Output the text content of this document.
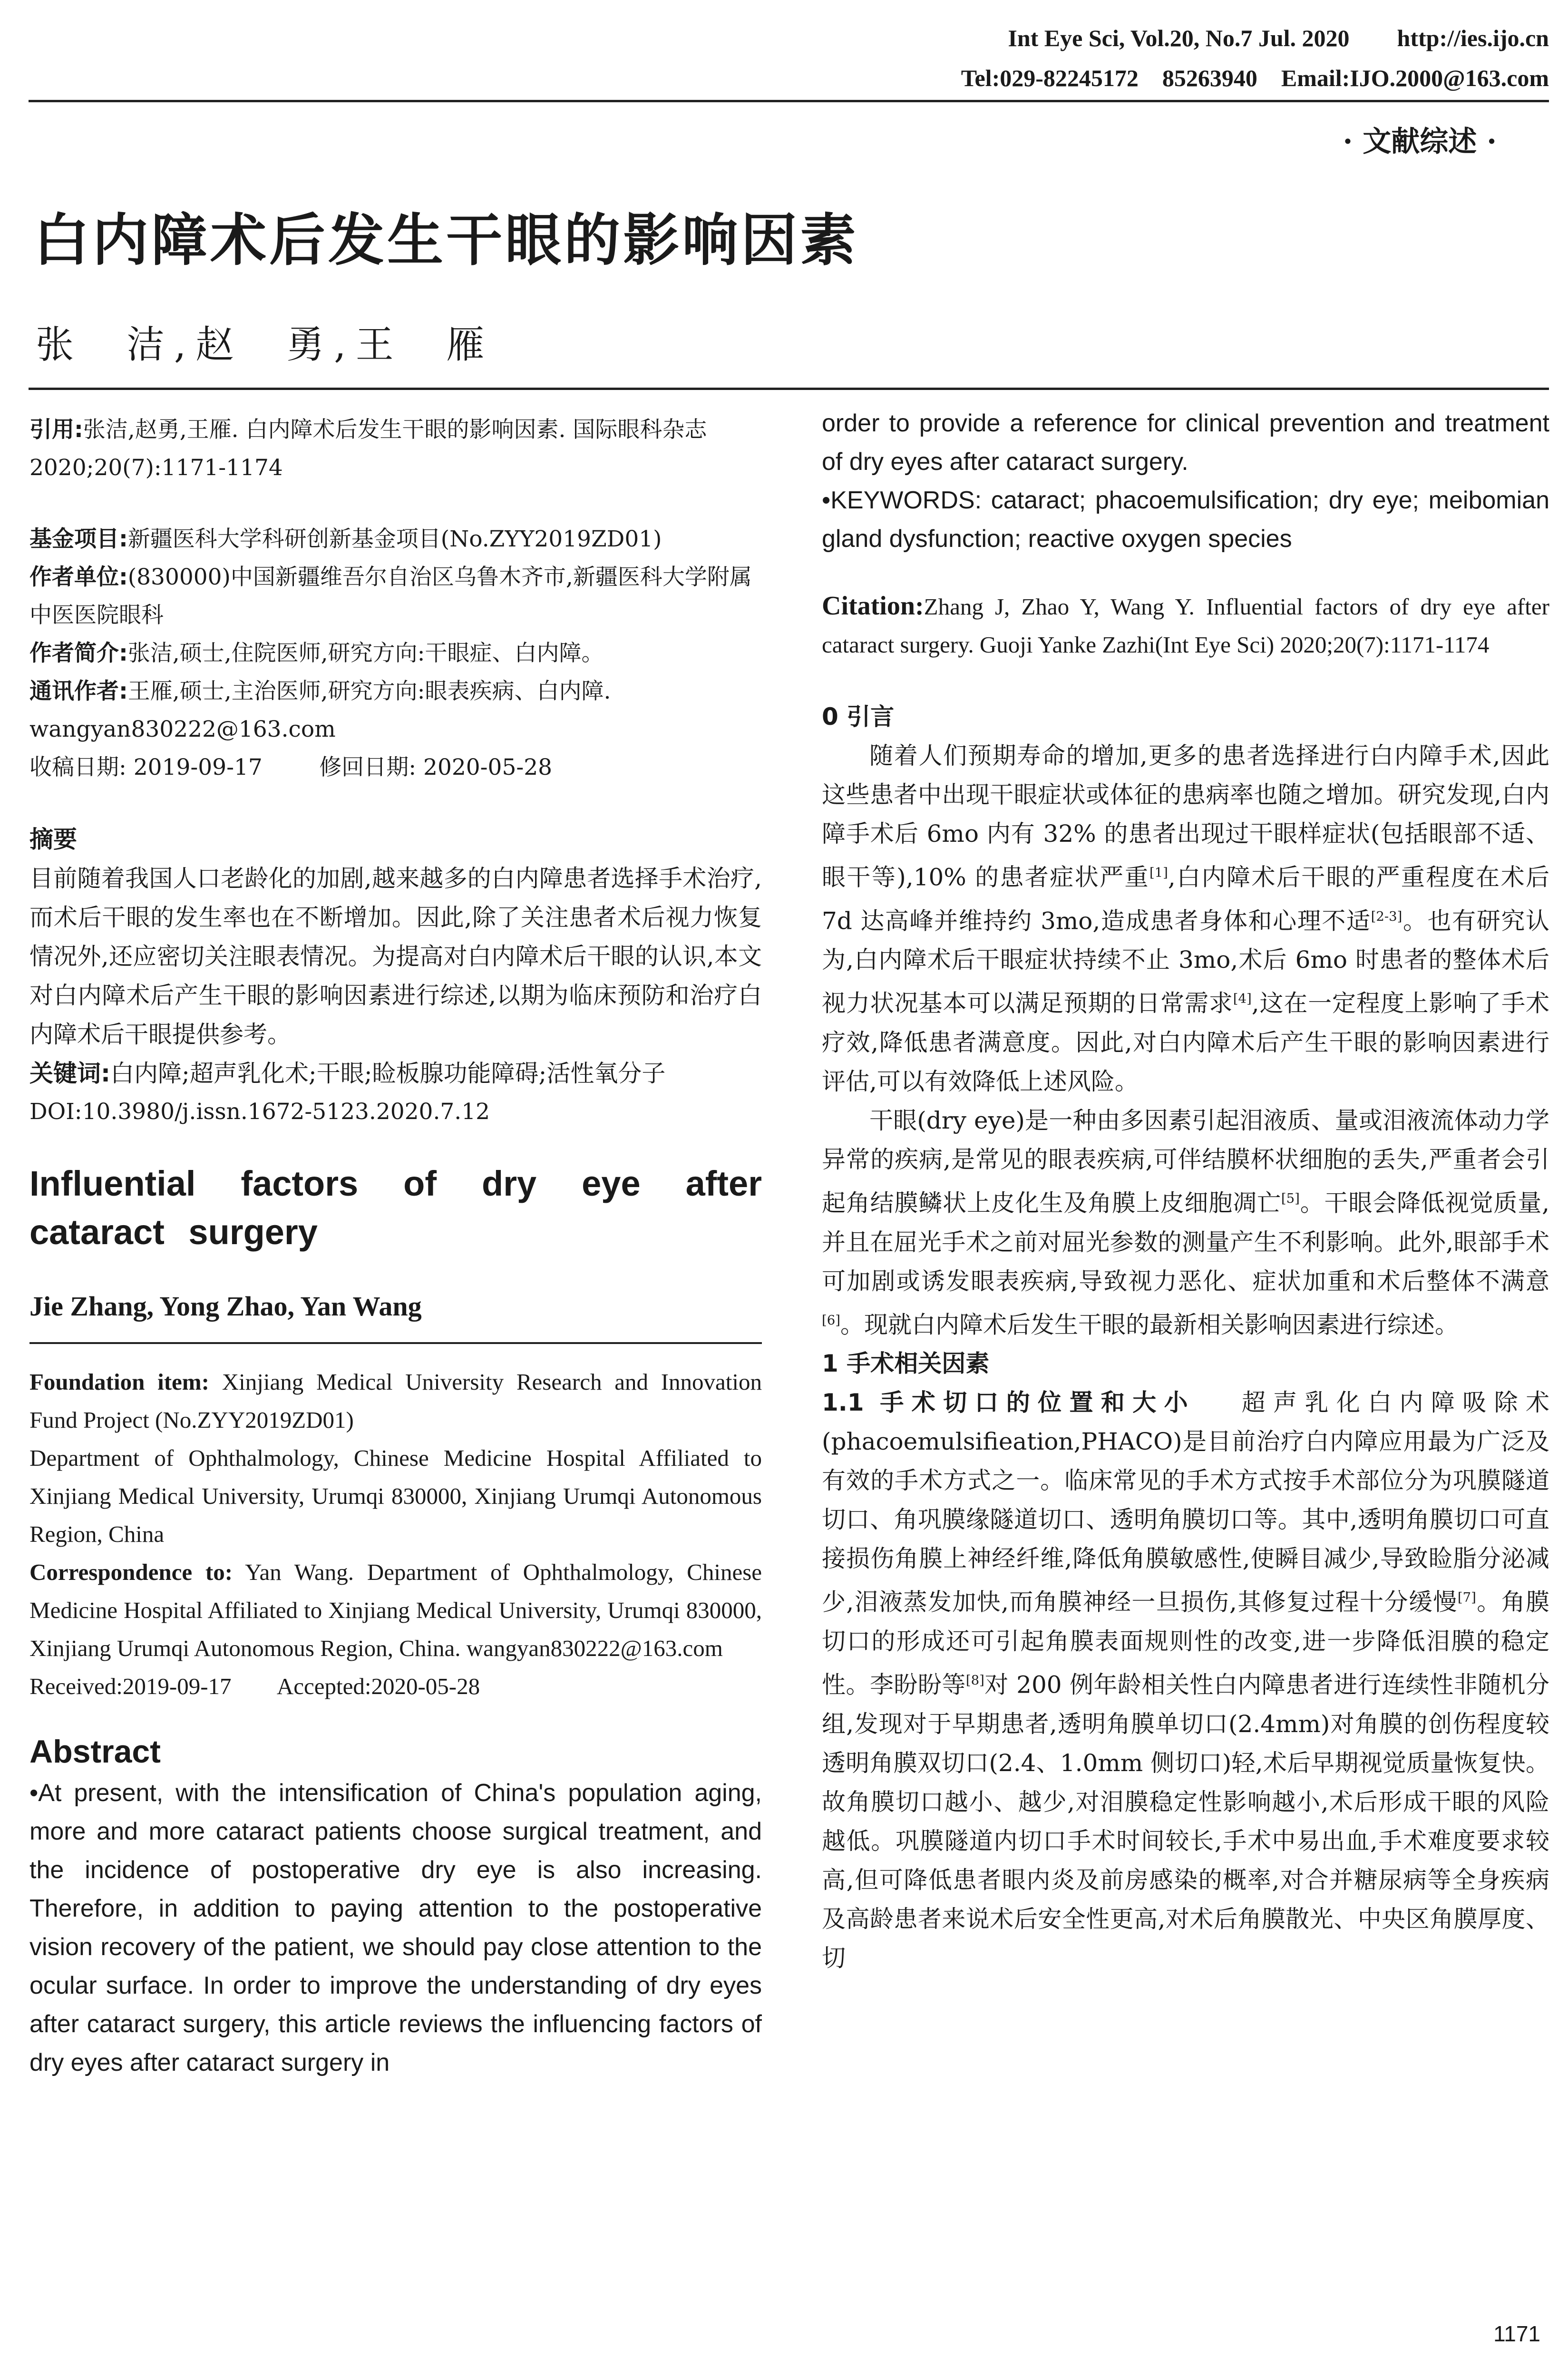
Int Eye Sci, Vol.20, No.7 Jul. 2020        http://ies.ijo.cn
Tel:029-82245172    85263940    Email:IJO.2000@163.com
· 文献综述 ·
白内障术后发生干眼的影响因素
张  洁,赵  勇,王  雁

引用:张洁,赵勇,王雁. 白内障术后发生干眼的影响因素. 国际眼科杂志 2020;20(7):1171-1174

基金项目:新疆医科大学科研创新基金项目(No.ZYY2019ZD01)

作者单位:(830000)中国新疆维吾尔自治区乌鲁木齐市,新疆医科大学附属中医医院眼科

作者简介:张洁,硕士,住院医师,研究方向:干眼症、白内障。

通讯作者:王雁,硕士,主治医师,研究方向:眼表疾病、白内障. wangyan830222@163.com

收稿日期: 2019-09-17        修回日期: 2020-05-28

摘要

目前随着我国人口老龄化的加剧,越来越多的白内障患者选择手术治疗,而术后干眼的发生率也在不断增加。因此,除了关注患者术后视力恢复情况外,还应密切关注眼表情况。为提高对白内障术后干眼的认识,本文对白内障术后产生干眼的影响因素进行综述,以期为临床预防和治疗白内障术后干眼提供参考。

关键词:白内障;超声乳化术;干眼;睑板腺功能障碍;活性氧分子

DOI:10.3980/j.issn.1672-5123.2020.7.12

Influential factors of dry eye after cataract surgery

Jie Zhang, Yong Zhao, Yan Wang

Foundation item: Xinjiang Medical University Research and Innovation Fund Project (No.ZYY2019ZD01)

Department of Ophthalmology, Chinese Medicine Hospital Affiliated to Xinjiang Medical University, Urumqi 830000, Xinjiang Urumqi Autonomous Region, China

Correspondence to: Yan Wang. Department of Ophthalmology, Chinese Medicine Hospital Affiliated to Xinjiang Medical University, Urumqi 830000, Xinjiang Urumqi Autonomous Region, China. wangyan830222@163.com

Received:2019-09-17        Accepted:2020-05-28

Abstract

• At present, with the intensification of China's population aging, more and more cataract patients choose surgical treatment, and the incidence of postoperative dry eye is also increasing. Therefore, in addition to paying attention to the postoperative vision recovery of the patient, we should pay close attention to the ocular surface. In order to improve the understanding of dry eyes after cataract surgery, this article reviews the influencing factors of dry eyes after cataract surgery in

order to provide a reference for clinical prevention and treatment of dry eyes after cataract surgery.

• KEYWORDS: cataract; phacoemulsification; dry eye; meibomian gland dysfunction; reactive oxygen species

Citation:Zhang J, Zhao Y, Wang Y. Influential factors of dry eye after cataract surgery. Guoji Yanke Zazhi(Int Eye Sci) 2020;20(7):1171-1174

0 引言

随着人们预期寿命的增加,更多的患者选择进行白内障手术,因此这些患者中出现干眼症状或体征的患病率也随之增加。研究发现,白内障手术后 6mo 内有 32% 的患者出现过干眼样症状(包括眼部不适、眼干等),10% 的患者症状严重[1],白内障术后干眼的严重程度在术后 7d 达高峰并维持约 3mo,造成患者身体和心理不适[2-3]。也有研究认为,白内障术后干眼症状持续不止 3mo,术后 6mo 时患者的整体术后视力状况基本可以满足预期的日常需求[4],这在一定程度上影响了手术疗效,降低患者满意度。因此,对白内障术后产生干眼的影响因素进行评估,可以有效降低上述风险。

干眼(dry eye)是一种由多因素引起泪液质、量或泪液流体动力学异常的疾病,是常见的眼表疾病,可伴结膜杯状细胞的丢失,严重者会引起角结膜鳞状上皮化生及角膜上皮细胞凋亡[5]。干眼会降低视觉质量,并且在屈光手术之前对屈光参数的测量产生不利影响。此外,眼部手术可加剧或诱发眼表疾病,导致视力恶化、症状加重和术后整体不满意[6]。现就白内障术后发生干眼的最新相关影响因素进行综述。

1 手术相关因素

1.1 手术切口的位置和大小 超声乳化白内障吸除术(phacoemulsifieation,PHACO)是目前治疗白内障应用最为广泛及有效的手术方式之一。临床常见的手术方式按手术部位分为巩膜隧道切口、角巩膜缘隧道切口、透明角膜切口等。其中,透明角膜切口可直接损伤角膜上神经纤维,降低角膜敏感性,使瞬目减少,导致睑脂分泌减少,泪液蒸发加快,而角膜神经一旦损伤,其修复过程十分缓慢[7]。角膜切口的形成还可引起角膜表面规则性的改变,进一步降低泪膜的稳定性。李盼盼等[8]对 200 例年龄相关性白内障患者进行连续性非随机分组,发现对于早期患者,透明角膜单切口(2.4mm)对角膜的创伤程度较透明角膜双切口(2.4、1.0mm 侧切口)轻,术后早期视觉质量恢复快。故角膜切口越小、越少,对泪膜稳定性影响越小,术后形成干眼的风险越低。巩膜隧道内切口手术时间较长,手术中易出血,手术难度要求较高,但可降低患者眼内炎及前房感染的概率,对合并糖尿病等全身疾病及高龄患者来说术后安全性更高,对术后角膜散光、中央区角膜厚度、切

1171
